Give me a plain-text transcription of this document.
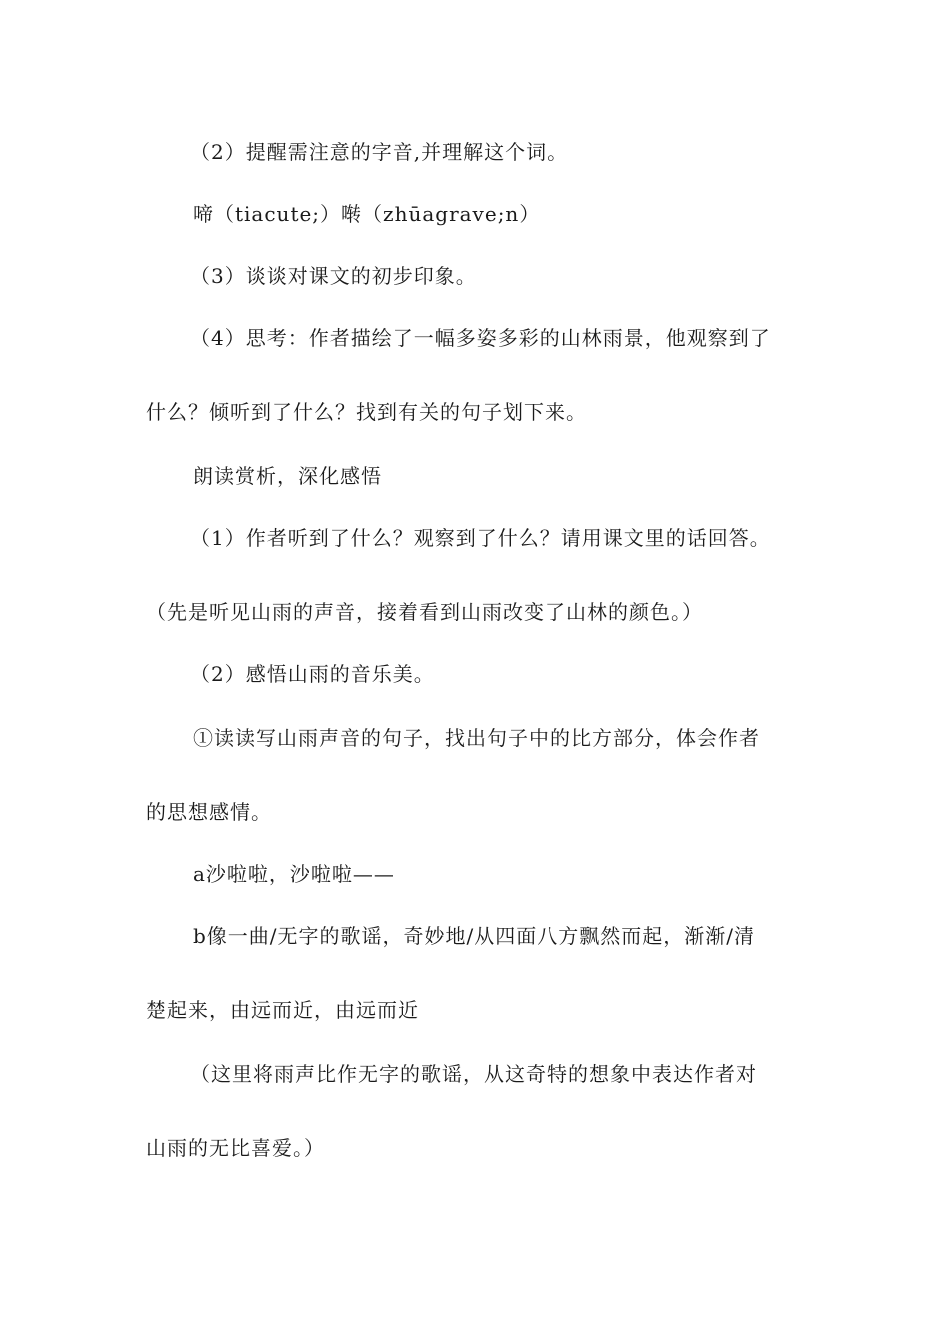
（2）提醒需注意的字音,并理解这个词。
啼（tiacute;）啭（zhūagrave;n）
（3）谈谈对课文的初步印象。
（4）思考：作者描绘了一幅多姿多彩的山林雨景，他观察到了
什么？倾听到了什么？找到有关的句子划下来。
朗读赏析，深化感悟
（1）作者听到了什么？观察到了什么？请用课文里的话回答。
（先是听见山雨的声音，接着看到山雨改变了山林的颜色。）
（2）感悟山雨的音乐美。
①读读写山雨声音的句子，找出句子中的比方部分，体会作者
的思想感情。
a沙啦啦，沙啦啦——
b像一曲/无字的歌谣，奇妙地/从四面八方飘然而起，渐渐/清
楚起来，由远而近，由远而近
（这里将雨声比作无字的歌谣，从这奇特的想象中表达作者对
山雨的无比喜爱。）
